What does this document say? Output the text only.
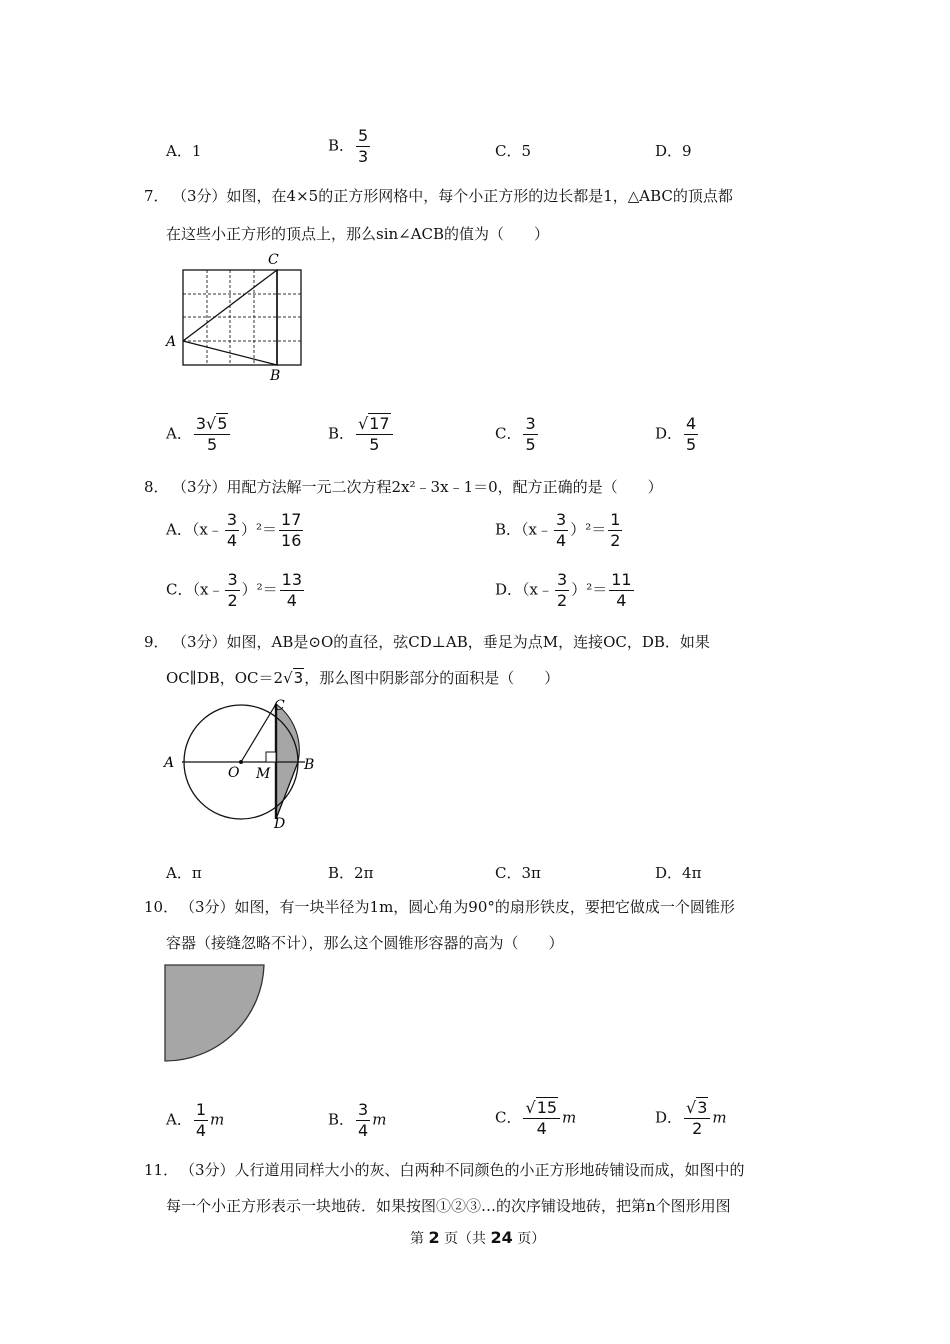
A．1	B． $\frac{5}{3}$	C．5	D．9
7． （3分）如图，在4×5的正方形网格中，每个小正方形的边长都是1，△ABC的顶点都
在这些小正方形的顶点上，那么sin∠ACB的值为（　　）
C
A
B
A． $\frac{3√5}{5}$	B． $\frac{√17}{5}$	C． $\frac{3}{5}$	D． $\frac{4}{5}$
8． （3分）用配方法解一元二次方程2x²﹣3x﹣1＝0，配方正确的是（　　）
A．（x﹣ $\frac{3}{4} )^2= \frac{17}{16}$	B．（x﹣ $\frac{3}{4} )^2= \frac{1}{2}$
C．（x﹣ $\frac{3}{2} )^2= \frac{13}{4}$	D．（x﹣ $\frac{3}{2} )^2= \frac{11}{4}$
9． （3分）如图，AB是⊙O的直径，弦CD⊥AB，垂足为点M，连接OC，DB．如果
OC∥DB，OC＝2√3，那么图中阴影部分的面积是（　　）
A
O M
B
C
D
A．π	B．2π	C．3π	D．4π
10． （3分）如图，有一块半径为1m，圆心角为90°的扇形铁皮，要把它做成一个圆锥形
容器（接缝忽略不计），那么这个圆锥形容器的高为（　　）
A． $\frac{1}{4}$ m	B． $\frac{3}{4}$ m	C． $\frac{√15}{4}$ m	D． $\frac{√3}{2}$ m
11． （3分）人行道用同样大小的灰、白两种不同颜色的小正方形地砖铺设而成，如图中的
每一个小正方形表示一块地砖．如果按图①②③…的次序铺设地砖，把第n个图形用图
第 2 页（共 24 页）
